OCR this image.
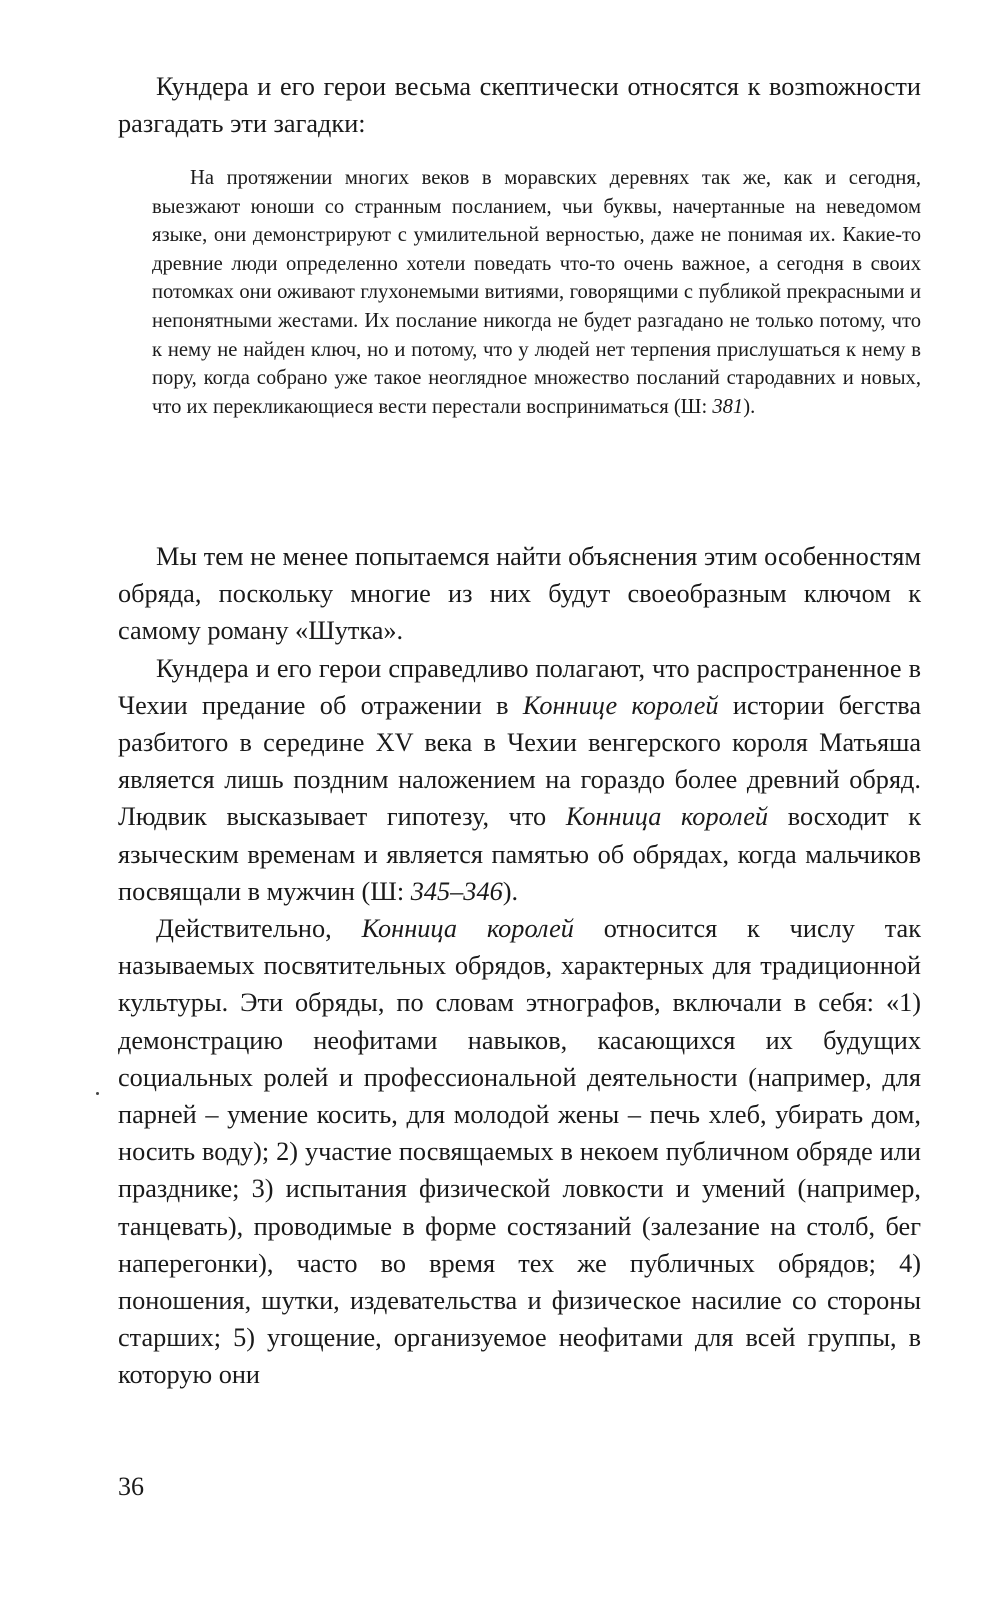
Кундера и его герои весьма скептически относятся к возmожности разгадать эти загадки:

На протяжении многих веков в моравских деревнях так же, как и сегодня, выезжают юноши со странным посланием, чьи буквы, начертанные на неведомом языке, они демонстрируют с умилительной верностью, даже не понимая их. Какие-то древние люди определенно хотели поведать что-то очень важное, а сегодня в своих потомках они оживают глухонемыми витиями, говорящими с публикой прекрасными и непонятными жестами. Их послание никогда не будет разгадано не только потому, что к нему не найден ключ, но и потому, что у людей нет терпения прислушаться к нему в пору, когда собрано уже такое неоглядное множество посланий стародавних и новых, что их перекликающиеся вести перестали восприниматься (Ш: 381).

Мы тем не менее попытаемся найти объяснения этим особенностям обряда, поскольку многие из них будут своеобразным ключом к самому роману «Шутка».

Кундера и его герои справедливо полагают, что распространенное в Чехии предание об отражении в Коннице королей истории бегства разбитого в середине XV века в Чехии венгерского короля Матьяша является лишь поздним наложением на гораздо более древний обряд. Людвик высказывает гипотезу, что Конница королей восходит к языческим временам и является памятью об обрядах, когда мальчиков посвящали в мужчин (Ш: 345–346).

Действительно, Конница королей относится к числу так называемых посвятительных обрядов, характерных для традиционной культуры. Эти обряды, по словам этнографов, включали в себя: «1) демонстрацию неофитами навыков, касающихся их будущих социальных ролей и профессиональной деятельности (например, для парней – умение косить, для молодой жены – печь хлеб, убирать дом, носить воду); 2) участие посвящаемых в некоем публичном обряде или празднике; 3) испытания физической ловкости и умений (например, танцевать), проводимые в форме состязаний (залезание на столб, бег наперегонки), часто во время тех же публичных обрядов; 4) поношения, шутки, издевательства и физическое насилие со стороны старших; 5) угощение, организуемое неофитами для всей группы, в которую они

36
